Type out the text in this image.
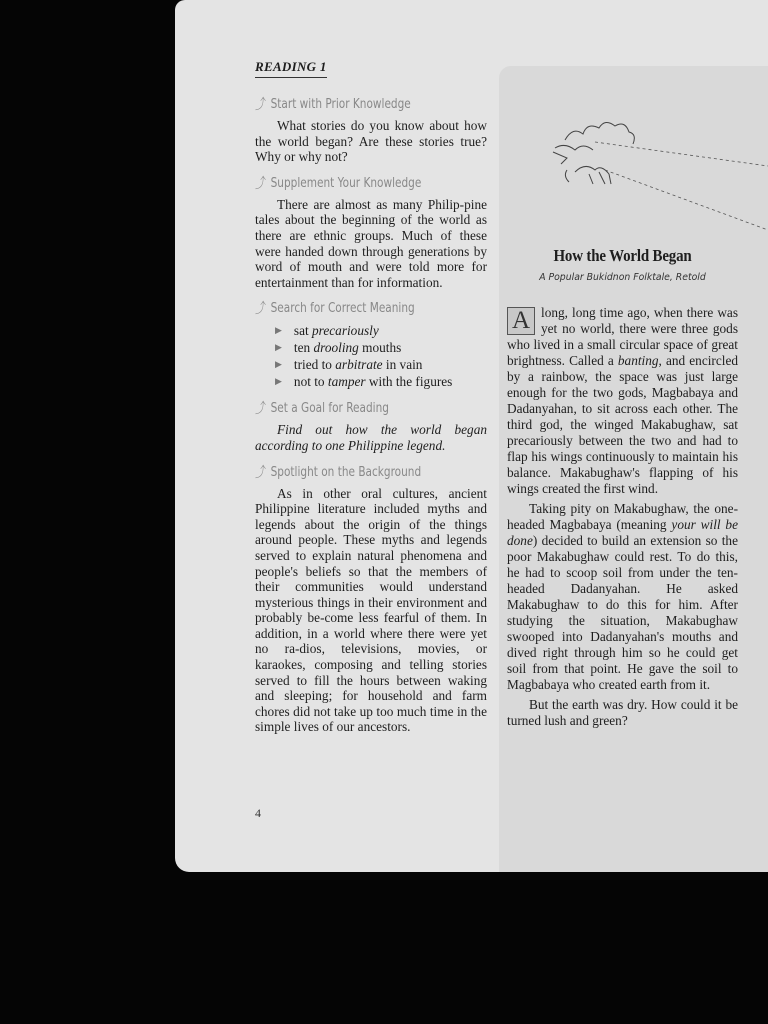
READING 1
⤴ Start with Prior Knowledge

What stories do you know about how the world began? Are these stories true? Why or why not?

⤴ Supplement Your Knowledge

There are almost as many Philip-pine tales about the beginning of the world as there are ethnic groups. Much of these were handed down through generations by word of mouth and were told more for entertainment than for information.

⤴ Search for Correct Meaning
▶ sat precariously
▶ ten drooling mouths
▶ tried to arbitrate in vain
▶ not to tamper with the figures
⤴ Set a Goal for Reading

Find out how the world began according to one Philippine legend.

⤴ Spotlight on the Background

As in other oral cultures, ancient Philippine literature included myths and legends about the origin of the things around people. These myths and legends served to explain natural phenomena and people's beliefs so that the members of their communities would understand mysterious things in their environment and probably be-come less fearful of them. In addition, in a world where there were yet no ra-dios, televisions, movies, or karaokes, composing and telling stories served to fill the hours between waking and sleeping; for household and farm chores did not take up too much time in the simple lives of our ancestors.

4
How the World Began
A Popular Bukidnon Folktale, Retold

A long, long time ago, when there was yet no world, there were three gods who lived in a small circular space of great brightness. Called a banting, and encircled by a rainbow, the space was just large enough for the two gods, Magbabaya and Dadanyahan, to sit across each other. The third god, the winged Makabughaw, sat precariously between the two and had to flap his wings continuously to maintain his balance. Makabughaw's flapping of his wings created the first wind.

Taking pity on Makabughaw, the one-headed Magbabaya (meaning your will be done) decided to build an extension so the poor Makabughaw could rest. To do this, he had to scoop soil from under the ten-headed Dadanyahan. He asked Makabughaw to do this for him. After studying the situation, Makabughaw swooped into Dadanyahan's mouths and dived right through him so he could get soil from that point. He gave the soil to Magbabaya who created earth from it.

But the earth was dry. How could it be turned lush and green?
